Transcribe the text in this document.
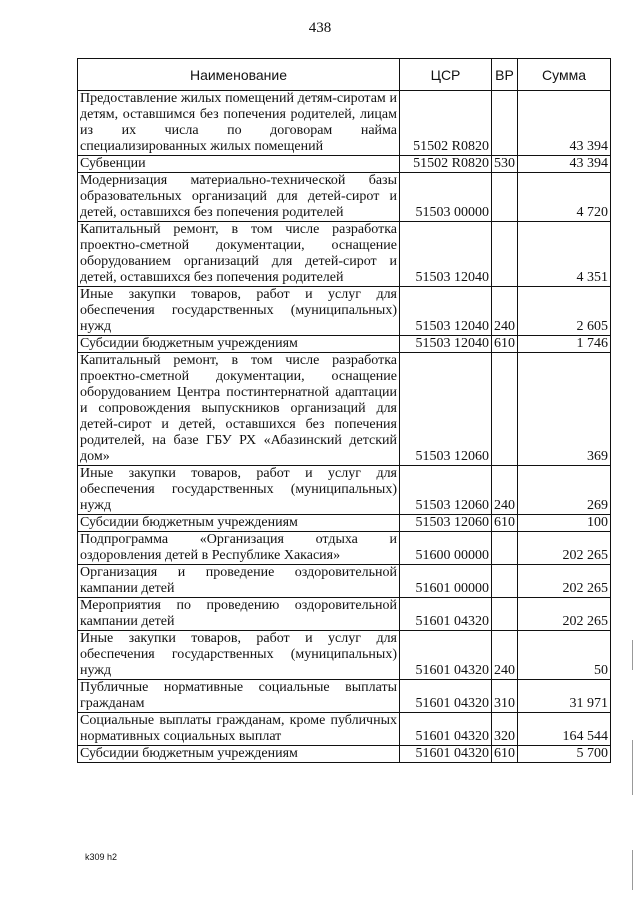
438
Наименование	ЦСР	ВР	Сумма
Предоставление жилых помещений детям-сиротам и детям, оставшимся без попечения родителей, лицам из их числа по договорам найма специализированных жилых помещений	51502 R0820		43 394
Субвенции	51502 R0820	530	43 394
Модернизация материально-технической базы образовательных организаций для детей-сирот и детей, оставшихся без попечения родителей	51503 00000		4 720
Капитальный ремонт, в том числе разработка проектно-сметной документации, оснащение оборудованием организаций для детей-сирот и детей, оставшихся без попечения родителей	51503 12040		4 351
Иные закупки товаров, работ и услуг для обеспечения государственных (муниципальных) нужд	51503 12040	240	2 605
Субсидии бюджетным учреждениям	51503 12040	610	1 746
Капитальный ремонт, в том числе разработка проектно-сметной документации, оснащение оборудованием Центра постинтернатной адаптации и сопровождения выпускников организаций для детей-сирот и детей, оставшихся без попечения родителей, на базе ГБУ РХ «Абазинский детский дом»	51503 12060		369
Иные закупки товаров, работ и услуг для обеспечения государственных (муниципальных) нужд	51503 12060	240	269
Субсидии бюджетным учреждениям	51503 12060	610	100
Подпрограмма «Организация отдыха и оздоровления детей в Республике Хакасия»	51600 00000		202 265
Организация и проведение оздоровительной кампании детей	51601 00000		202 265
Мероприятия по проведению оздоровительной кампании детей	51601 04320		202 265
Иные закупки товаров, работ и услуг для обеспечения государственных (муниципальных) нужд	51601 04320	240	50
Публичные нормативные социальные выплаты гражданам	51601 04320	310	31 971
Социальные выплаты гражданам, кроме публичных нормативных социальных выплат	51601 04320	320	164 544
Субсидии бюджетным учреждениям	51601 04320	610	5 700
k309 h2
